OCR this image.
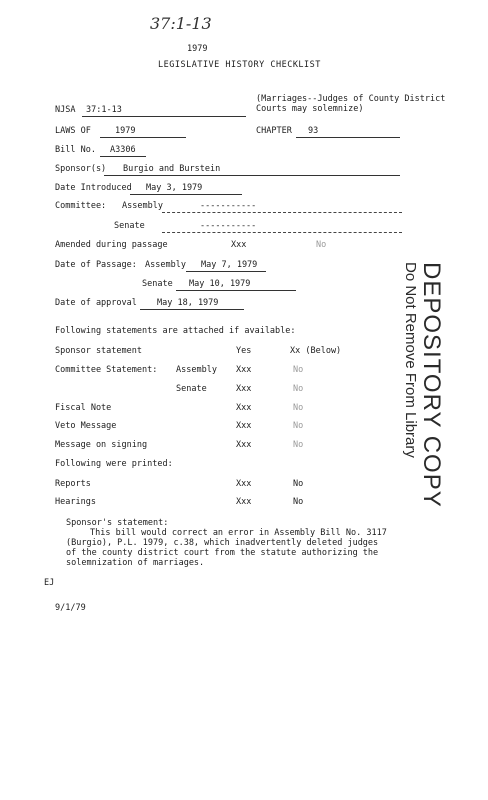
37:1-13
1979
LEGISLATIVE HISTORY CHECKLIST
(Marriages--Judges of County District
Courts may solemnize)
NJSA 37:1-13
LAWS OF	1979	CHAPTER 93
Bill No. A3306
Sponsor(s) Burgio and Burstein
Date Introduced May 3, 1979
Committee: Assembly	-----------
Senate	-----------
Amended during passage	Xxx	No
Date of Passage: Assembly May 7, 1979
Senate May 10, 1979
Date of approval May 18, 1979
Following statements are attached if available:
Sponsor statement	Yes	Xx (Below)
Committee Statement: Assembly Xxx	No
Senate	Xxx	No
Fiscal Note	Xxx	No
Veto Message	Xxx	No
Message on signing	Xxx	No
Following were printed:
Reports	Xxx	No
Hearings	Xxx	No
Sponsor's statement:
This bill would correct an error in Assembly Bill No. 3117
(Burgio), P.L. 1979, c.38, which inadvertently deleted judges
of the county district court from the statute authorizing the
solemnization of marriages.
EJ
9/1/79
DEPOSITORY COPY
Do Not Remove From Library
